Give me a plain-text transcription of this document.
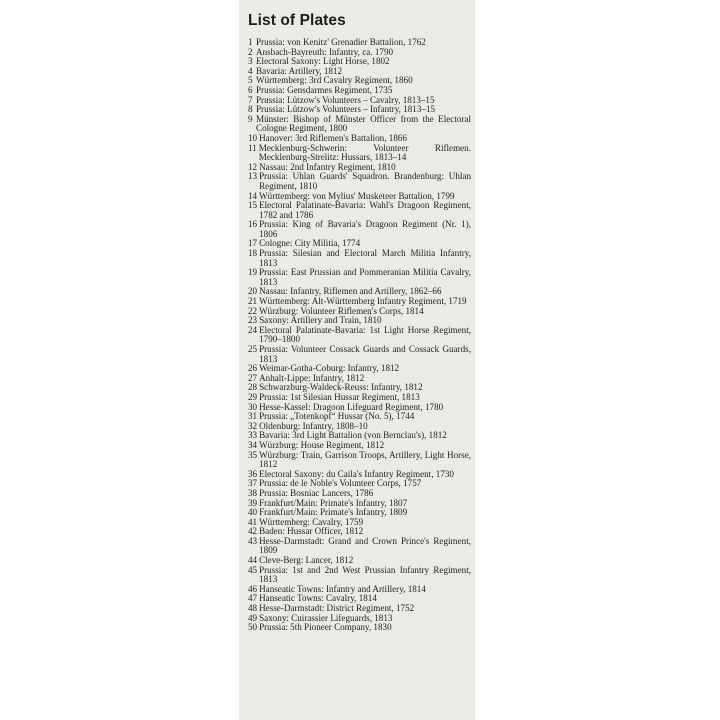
List of Plates
1 Prussia: von Kenitz' Grenadier Battalion, 1762
2 Ansbach-Bayreuth: Infantry, ca. 1790
3 Electoral Saxony: Light Horse, 1802
4 Bavaria: Artillery, 1812
5 Württemberg: 3rd Cavalry Regiment, 1860
6 Prussia: Gensdarmes Regiment, 1735
7 Prussia: Lützow's Volunteers – Cavalry, 1813–15
8 Prussia: Lützow's Volunteers – Infantry, 1813–15
9 Münster: Bishop of Münster Officer from the Electoral Cologne Regiment, 1800
10 Hanover: 3rd Riflemen's Battalion, 1866
11 Mecklenburg-Schwerin: Volunteer Riflemen. Mecklenburg-Strelitz: Hussars, 1813–14
12 Nassau: 2nd Infantry Regiment, 1810
13 Prussia: Uhlan Guards' Squadron. Brandenburg: Uhlan Regiment, 1810
14 Württemberg: von Mylius' Musketeer Battalion, 1799
15 Electoral Palatinate-Bavaria: Wahl's Dragoon Regiment, 1782 and 1786
16 Prussia: King of Bavaria's Dragoon Regiment (Nr. 1), 1806
17 Cologne: City Militia, 1774
18 Prussia: Silesian and Electoral March Militia Infantry, 1813
19 Prussia: East Prussian and Pommeranian Militia Cavalry, 1813
20 Nassau: Infantry, Riflemen and Artillery, 1862–66
21 Württemberg: Alt-Württemberg Infantry Regiment, 1719
22 Würzburg: Volunteer Riflemen's Corps, 1814
23 Saxony: Artillery and Train, 1810
24 Electoral Palatinate-Bavaria: 1st Light Horse Regiment, 1790–1800
25 Prussia: Volunteer Cossack Guards and Cossack Guards, 1813
26 Weimar-Gotha-Coburg: Infantry, 1812
27 Anhalt-Lippe: Infantry, 1812
28 Schwarzburg-Waldeck-Reuss: Infantry, 1812
29 Prussia: 1st Silesian Hussar Regiment, 1813
30 Hesse-Kassel: Dragoon Lifeguard Regiment, 1780
31 Prussia: „Totenkopf“ Hussar (No. 5), 1744
32 Oldenburg: Infantry, 1808–10
33 Bavaria: 3rd Light Battalion (von Bernclau's), 1812
34 Würzburg: House Regiment, 1812
35 Würzburg: Train, Garrison Troops, Artillery, Light Horse, 1812
36 Electoral Saxony: du Caila's Infantry Regiment, 1730
37 Prussia: de le Noble's Volunteer Corps, 1757
38 Prussia: Bosniac Lancers, 1786
39 Frankfurt/Main: Primate's Infantry, 1807
40 Frankfurt/Main: Primate's Infantry, 1809
41 Württemberg: Cavalry, 1759
42 Baden: Hussar Officer, 1812
43 Hesse-Darmstadt: Grand and Crown Prince's Regiment, 1809
44 Cleve-Berg: Lancer, 1812
45 Prussia: 1st and 2nd West Prussian Infantry Regiment, 1813
46 Hanseatic Towns: Infantry and Artillery, 1814
47 Hanseatic Towns: Cavalry, 1814
48 Hesse-Darmstadt: District Regiment, 1752
49 Saxony: Cuirassier Lifeguards, 1813
50 Prussia: 5th Pioneer Company, 1830
